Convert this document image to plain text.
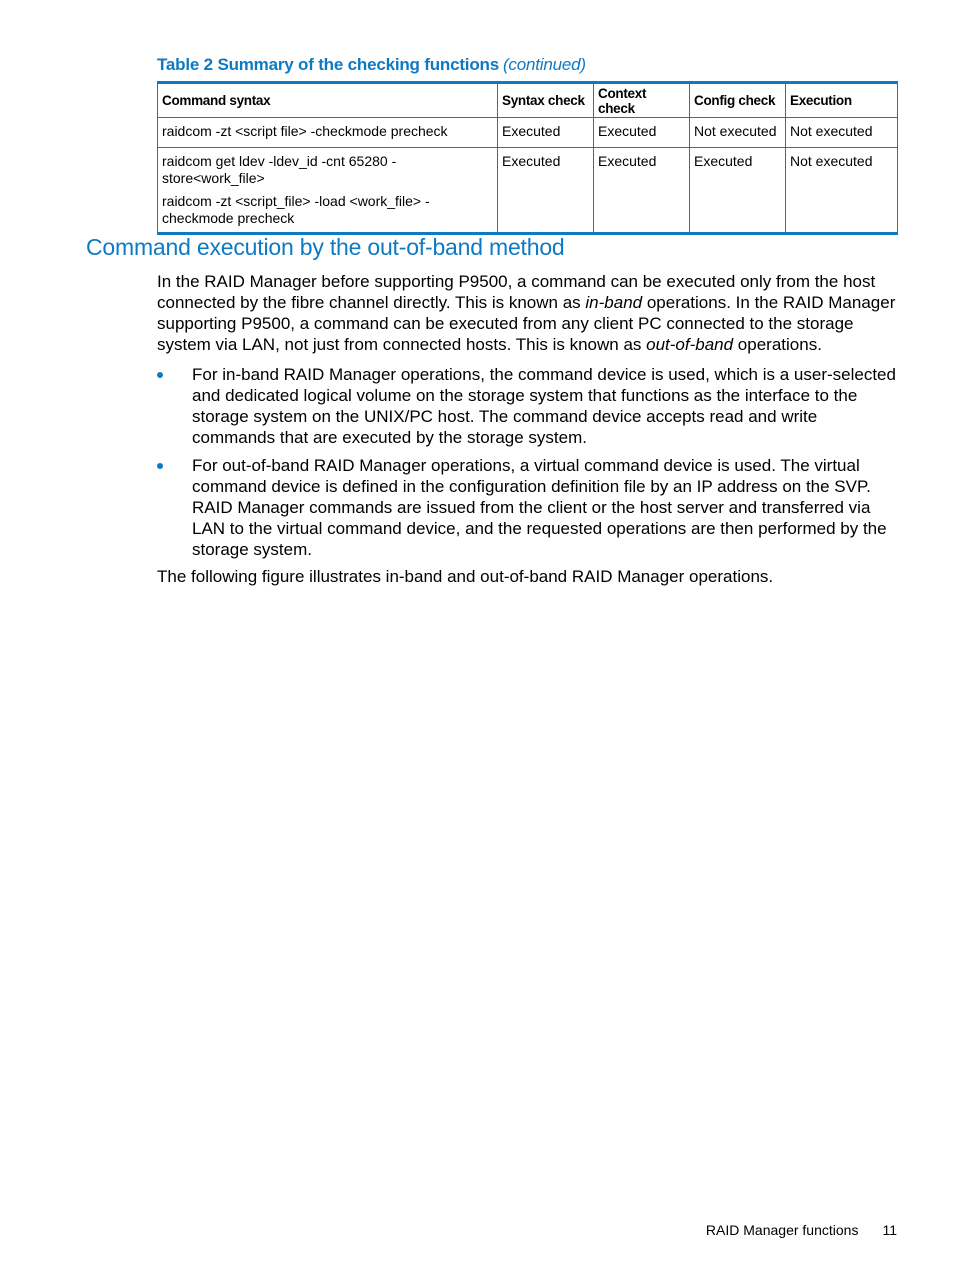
Table 2 Summary of the checking functions (continued)
Command syntax	Syntax check	Context check	Config check	Execution

raidcom -zt <script file> -checkmode precheck	Executed	Executed	Not executed	Not executed

raidcom get ldev -ldev_id -cnt 65280 -store<work_file>
raidcom -zt <script_file> -load <work_file> -checkmode precheck	Executed	Executed	Executed	Not executed
Command execution by the out-of-band method

In the RAID Manager before supporting P9500, a command can be executed only from the host connected by the fibre channel directly. This is known as in-band operations. In the RAID Manager supporting P9500, a command can be executed from any client PC connected to the storage system via LAN, not just from connected hosts. This is known as out-of-band operations.

For in-band RAID Manager operations, the command device is used, which is a user-selected and dedicated logical volume on the storage system that functions as the interface to the storage system on the UNIX/PC host. The command device accepts read and write commands that are executed by the storage system.
For out-of-band RAID Manager operations, a virtual command device is used. The virtual command device is defined in the configuration definition file by an IP address on the SVP. RAID Manager commands are issued from the client or the host server and transferred via LAN to the virtual command device, and the requested operations are then performed by the storage system.

The following figure illustrates in-band and out-of-band RAID Manager operations.

RAID Manager functions 11
